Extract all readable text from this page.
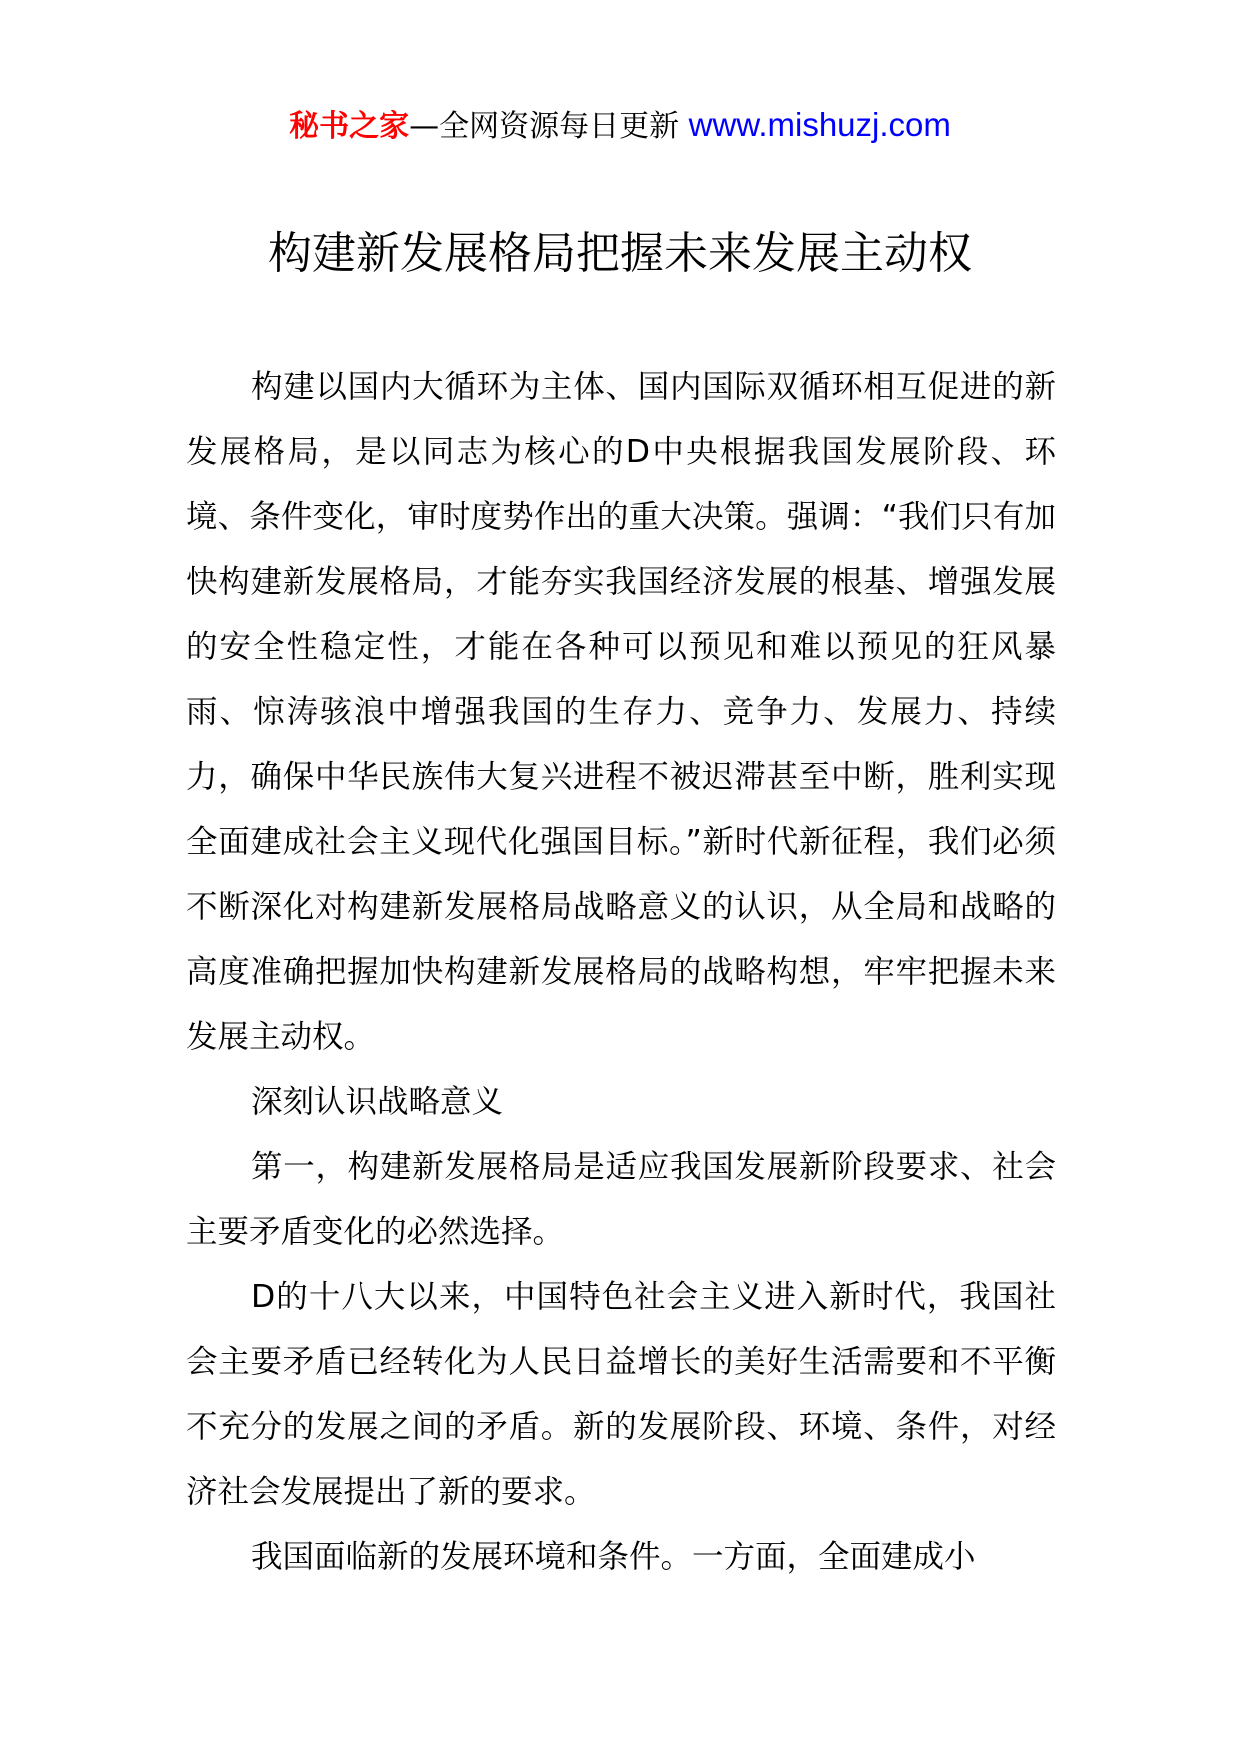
秘书之家—全网资源每日更新 www.mishuzj.com
构建新发展格局把握未来发展主动权

构建以国内大循环为主体、国内国际双循环相互促进的新发展格局，是以同志为核心的D中央根据我国发展阶段、环境、条件变化，审时度势作出的重大决策。强调：“我们只有加快构建新发展格局，才能夯实我国经济发展的根基、增强发展的安全性稳定性，才能在各种可以预见和难以预见的狂风暴雨、惊涛骇浪中增强我国的生存力、竞争力、发展力、持续力，确保中华民族伟大复兴进程不被迟滞甚至中断，胜利实现全面建成社会主义现代化强国目标。”新时代新征程，我们必须不断深化对构建新发展格局战略意义的认识，从全局和战略的高度准确把握加快构建新发展格局的战略构想，牢牢把握未来发展主动权。

深刻认识战略意义

第一，构建新发展格局是适应我国发展新阶段要求、社会主要矛盾变化的必然选择。

D的十八大以来，中国特色社会主义进入新时代，我国社会主要矛盾已经转化为人民日益增长的美好生活需要和不平衡不充分的发展之间的矛盾。新的发展阶段、环境、条件，对经济社会发展提出了新的要求。

我国面临新的发展环境和条件。一方面，全面建成小
